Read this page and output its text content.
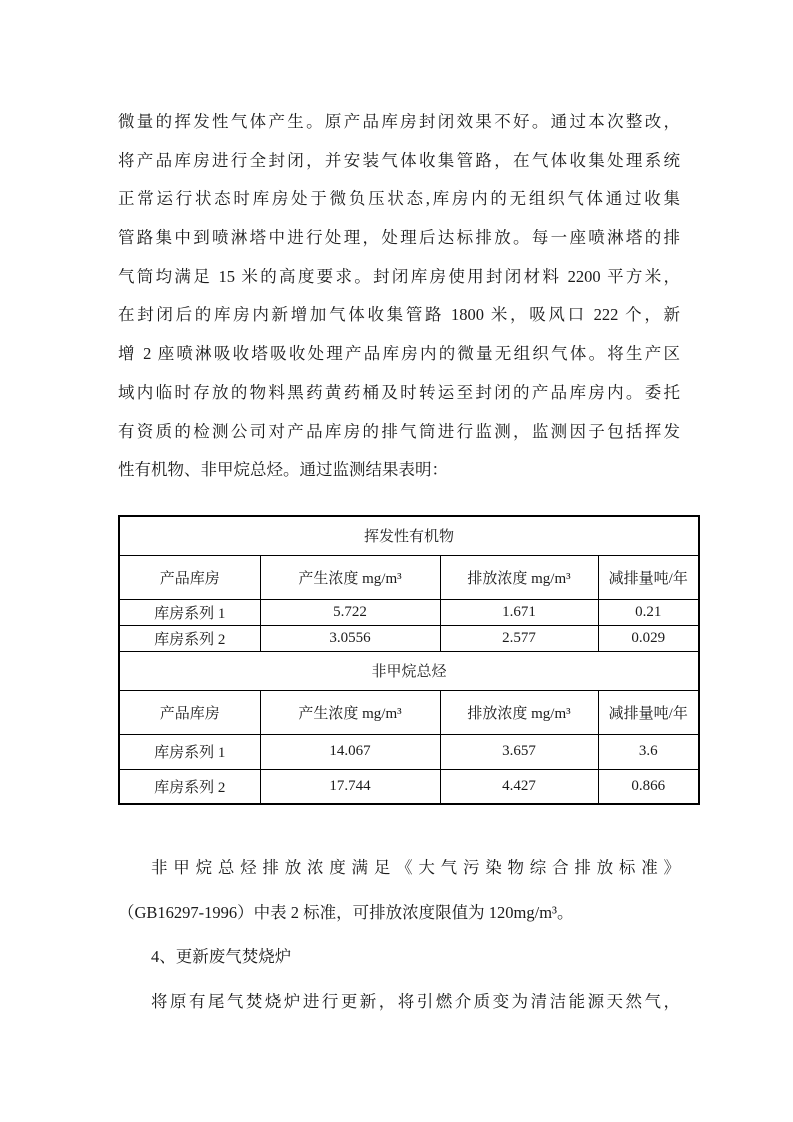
微量的挥发性气体产生。原产品库房封闭效果不好。通过本次整改，
将产品库房进行全封闭，并安装气体收集管路，在气体收集处理系统
正常运行状态时库房处于微负压状态,库房内的无组织气体通过收集
管路集中到喷淋塔中进行处理，处理后达标排放。每一座喷淋塔的排
气筒均满足 15 米的高度要求。封闭库房使用封闭材料 2200 平方米，
在封闭后的库房内新增加气体收集管路 1800 米，吸风口 222 个，新
增 2 座喷淋吸收塔吸收处理产品库房内的微量无组织气体。将生产区
域内临时存放的物料黑药黄药桶及时转运至封闭的产品库房内。委托
有资质的检测公司对产品库房的排气筒进行监测，监测因子包括挥发
性有机物、非甲烷总烃。通过监测结果表明：
挥发性有机物			
产品库房	产生浓度 mg/m³	排放浓度 mg/m³	减排量吨/年
库房系列 1	5.722	1.671	0.21
库房系列 2	3.0556	2.577	0.029
非甲烷总烃			
产品库房	产生浓度 mg/m³	排放浓度 mg/m³	减排量吨/年
库房系列 1	14.067	3.657	3.6
库房系列 2	17.744	4.427	0.866
非甲烷总烃排放浓度满足《大气污染物综合排放标准》
（GB16297-1996）中表 2 标准，可排放浓度限值为 120mg/m³。
4、更新废气焚烧炉
将原有尾气焚烧炉进行更新，将引燃介质变为清洁能源天然气，
